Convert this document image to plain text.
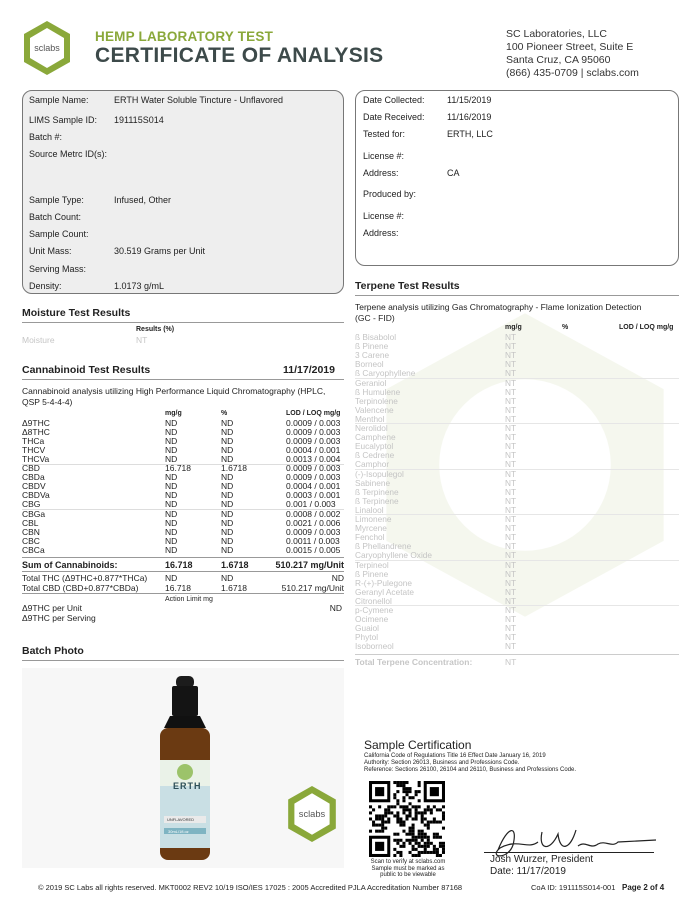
sclabs
HEMP LABORATORY TEST
CERTIFICATE OF ANALYSIS
SC Laboratories, LLC
100 Pioneer Street, Suite E
Santa Cruz, CA 95060
(866) 435-0709 | sclabs.com
Sample Name:	ERTH Water Soluble Tincture - Unflavored
LIMS Sample ID: 191115S014
Batch #:
Source Metrc ID(s):
Sample Type:	Infused, Other
Batch Count:
Sample Count:
Unit Mass:	30.519 Grams per Unit
Serving Mass:
Density:	1.0173 g/mL
Date Collected: 11/15/2019
Date Received: 11/16/2019
Tested for:	ERTH, LLC
License #:
Address:	CA
Produced by:
License #:
Address:
Moisture Test Results
Results (%)
Moisture	NT
Cannabinoid Test Results	11/17/2019
Cannabinoid analysis utilizing High Performance Liquid Chromatography (HPLC, QSP 5-4-4-4)
mg/g	%	LOD / LOQ mg/g
Δ9THC	ND	ND	0.0009 / 0.003
Δ8THC	ND	ND	0.0009 / 0.003
THCa	ND	ND	0.0009 / 0.003
THCV	ND	ND	0.0004 / 0.001
THCVa	ND	ND	0.0013 / 0.004
CBD	16.718	1.6718	0.0009 / 0.003
CBDa	ND	ND	0.0009 / 0.003
CBDV	ND	ND	0.0004 / 0.001
CBDVa	ND	ND	0.0003 / 0.001
CBG	ND	ND	0.001 / 0.003
CBGa	ND	ND	0.0008 / 0.002
CBL	ND	ND	0.0021 / 0.006
CBN	ND	ND	0.0009 / 0.003
CBC	ND	ND	0.0011 / 0.003
CBCa	ND	ND	0.0015 / 0.005
Sum of Cannabinoids:	16.718	1.6718	510.217 mg/Unit
Total THC (Δ9THC+0.877*THCa) ND	ND	ND
Total CBD (CBD+0.877*CBDa)	16.718	1.6718	510.217 mg/Unit
Action Limit mg
Δ9THC per Unit	ND
Δ9THC per Serving
Batch Photo
ERTH
UNFLAVORED
30mL/1fl.oz
sclabs
Terpene Test Results
Terpene analysis utilizing Gas Chromatography - Flame Ionization Detection (GC - FID)
mg/g	%	LOD / LOQ mg/g
ß Bisabolol	NT
ß Pinene	NT
3 Carene	NT
Borneol	NT
ß Caryophyllene	NT
Geraniol	NT
ß Humulene	NT
Terpinolene	NT
Valencene	NT
Menthol	NT
Nerolidol	NT
Camphene	NT
Eucalyptol	NT
ß Cedrene	NT
Camphor	NT
(-)-Isopulegol	NT
Sabinene	NT
ß Terpinene	NT
ß Terpinene	NT
Linalool	NT
Limonene	NT
Myrcene	NT
Fenchol	NT
ß Phellandrene	NT
Caryophyllene Oxide	NT
Terpineol	NT
ß Pinene	NT
R-(+)-Pulegone	NT
Geranyl Acetate	NT
Citronellol	NT
p-Cymene	NT
Ocimene	NT
Guaiol	NT
Phytol	NT
Isoborneol	NT
Total Terpene Concentration:	NT
Sample Certification
California Code of Regulations Title 16 Effect Date January 16, 2019
Authority: Section 26013, Business and Professions Code.
Reference: Sections 26100, 26104 and 26110, Business and Professions Code.
Scan to verify at sclabs.com
Sample must be marked as
public to be viewable
Josh Wurzer, President
Date: 11/17/2019
© 2019 SC Labs all rights reserved. MKT0002 REV2 10/19 ISO/IES 17025 : 2005 Accredited PJLA Accreditation Number 87168	CoA ID: 191115S014-001 Page 2 of 4
